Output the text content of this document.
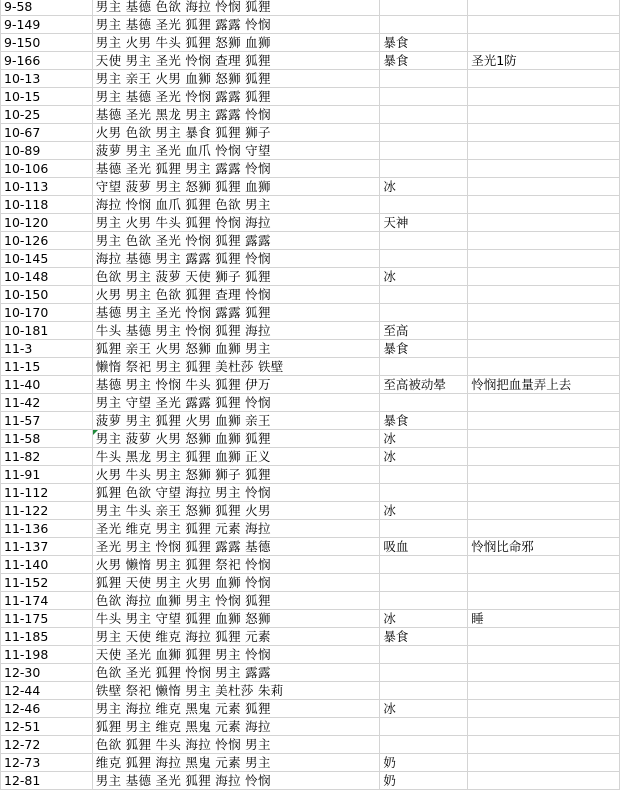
9-58	男主 基德 色欲 海拉 怜悯 狐狸		
9-149	男主 基德 圣光 狐狸 露露 怜悯		
9-150	男主 火男 牛头 狐狸 怒狮 血狮	暴食	
9-166	天使 男主 圣光 怜悯 查理 狐狸	暴食	圣光1防
10-13	男主 亲王 火男 血狮 怒狮 狐狸		
10-15	男主 基德 圣光 怜悯 露露 狐狸		
10-25	基德 圣光 黑龙 男主 露露 怜悯		
10-67	火男 色欲 男主 暴食 狐狸 狮子		
10-89	菠萝 男主 圣光 血爪 怜悯 守望		
10-106	基德 圣光 狐狸 男主 露露 怜悯		
10-113	守望 菠萝 男主 怒狮 狐狸 血狮	冰	
10-118	海拉 怜悯 血爪 狐狸 色欲 男主		
10-120	男主 火男 牛头 狐狸 怜悯 海拉	天神	
10-126	男主 色欲 圣光 怜悯 狐狸 露露		
10-145	海拉 基德 男主 露露 狐狸 怜悯		
10-148	色欲 男主 菠萝 天使 狮子 狐狸	冰	
10-150	火男 男主 色欲 狐狸 查理 怜悯		
10-170	基德 男主 圣光 怜悯 露露 狐狸		
10-181	牛头 基德 男主 怜悯 狐狸 海拉	至高	
11-3	狐狸 亲王 火男 怒狮 血狮 男主	暴食	
11-15	懒惰 祭祀 男主 狐狸 美杜莎 铁壁		
11-40	基德 男主 怜悯 牛头 狐狸 伊万	至高被动晕	怜悯把血量弄上去
11-42	男主 守望 圣光 露露 狐狸 怜悯		
11-57	菠萝 男主 狐狸 火男 血狮 亲王	暴食	
11-58	男主 菠萝 火男 怒狮 血狮 狐狸	冰	
11-82	牛头 黑龙 男主 狐狸 血狮 正义	冰	
11-91	火男 牛头 男主 怒狮 狮子 狐狸		
11-112	狐狸 色欲 守望 海拉 男主 怜悯		
11-122	男主 牛头 亲王 怒狮 狐狸 火男	冰	
11-136	圣光 维克 男主 狐狸 元素 海拉		
11-137	圣光 男主 怜悯 狐狸 露露 基德	吸血	怜悯比命邪
11-140	火男 懒惰 男主 狐狸 祭祀 怜悯		
11-152	狐狸 天使 男主 火男 血狮 怜悯		
11-174	色欲 海拉 血狮 男主 怜悯 狐狸		
11-175	牛头 男主 守望 狐狸 血狮 怒狮	冰	睡
11-185	男主 天使 维克 海拉 狐狸 元素	暴食	
11-198	天使 圣光 血狮 狐狸 男主 怜悯		
12-30	色欲 圣光 狐狸 怜悯 男主 露露		
12-44	铁壁 祭祀 懒惰 男主 美杜莎 朱莉		
12-46	男主 海拉 维克 黑鬼 元素 狐狸	冰	
12-51	狐狸 男主 维克 黑鬼 元素 海拉		
12-72	色欲 狐狸 牛头 海拉 怜悯 男主		
12-73	维克 狐狸 海拉 黑鬼 元素 男主	奶	
12-81	男主 基德 圣光 狐狸 海拉 怜悯	奶	
